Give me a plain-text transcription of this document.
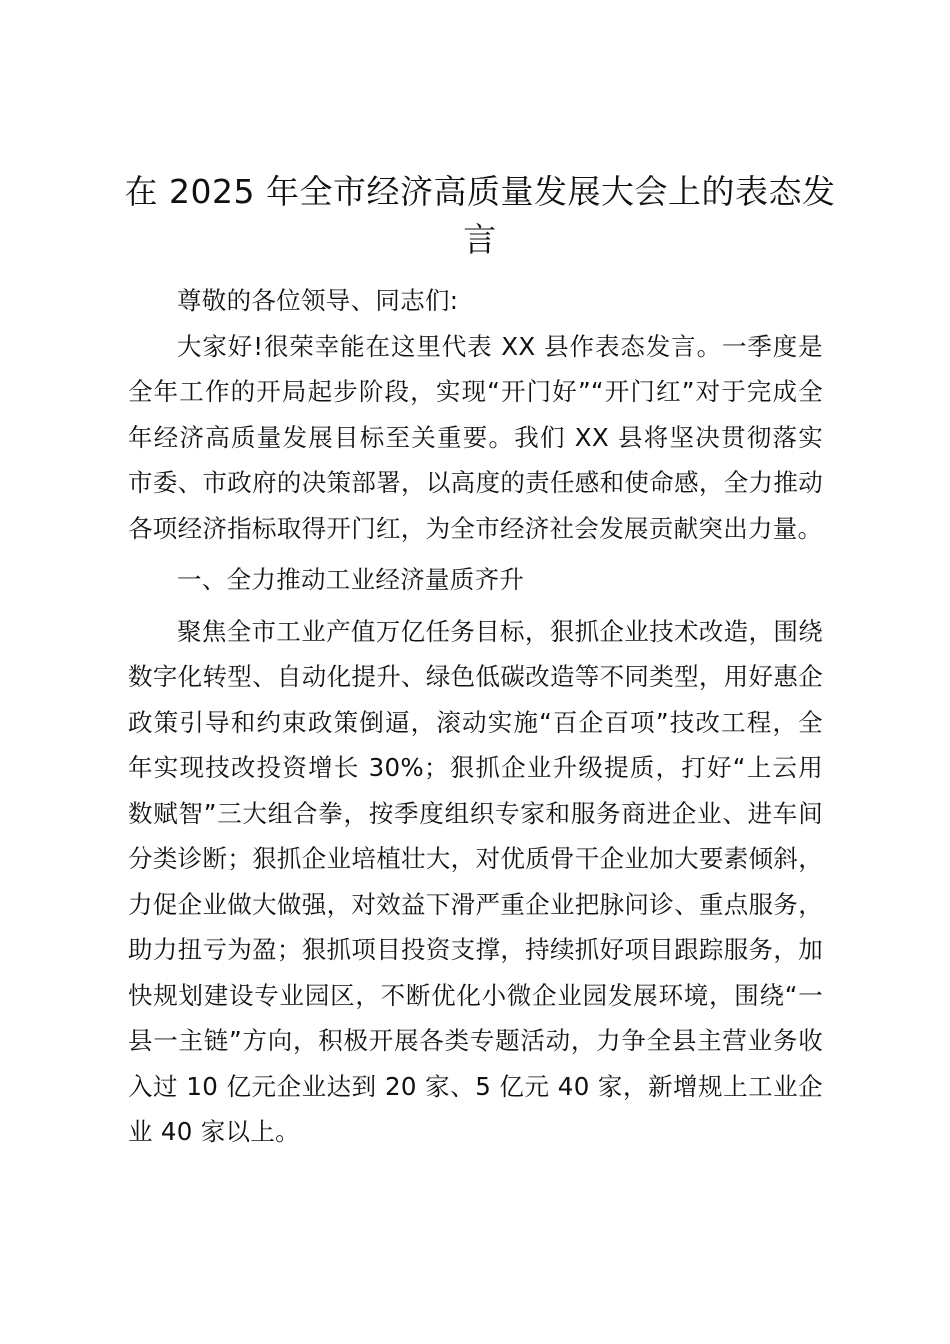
在 2025 年全市经济高质量发展大会上的表态发言

尊敬的各位领导、同志们:

大家好!很荣幸能在这里代表 XX 县作表态发言。一季度是全年工作的开局起步阶段，实现“开门好”“开门红”对于完成全年经济高质量发展目标至关重要。我们 XX 县将坚决贯彻落实市委、市政府的决策部署，以高度的责任感和使命感，全力推动各项经济指标取得开门红，为全市经济社会发展贡献突出力量。

一、全力推动工业经济量质齐升

聚焦全市工业产值万亿任务目标，狠抓企业技术改造，围绕数字化转型、自动化提升、绿色低碳改造等不同类型，用好惠企政策引导和约束政策倒逼，滚动实施“百企百项”技改工程，全年实现技改投资增长 30%；狠抓企业升级提质，打好“上云用数赋智”三大组合拳，按季度组织专家和服务商进企业、进车间分类诊断；狠抓企业培植壮大，对优质骨干企业加大要素倾斜，力促企业做大做强，对效益下滑严重企业把脉问诊、重点服务，助力扭亏为盈；狠抓项目投资支撑，持续抓好项目跟踪服务，加快规划建设专业园区，不断优化小微企业园发展环境，围绕“一县一主链”方向，积极开展各类专题活动，力争全县主营业务收入过 10 亿元企业达到 20 家、5 亿元 40 家，新增规上工业企业 40 家以上。
